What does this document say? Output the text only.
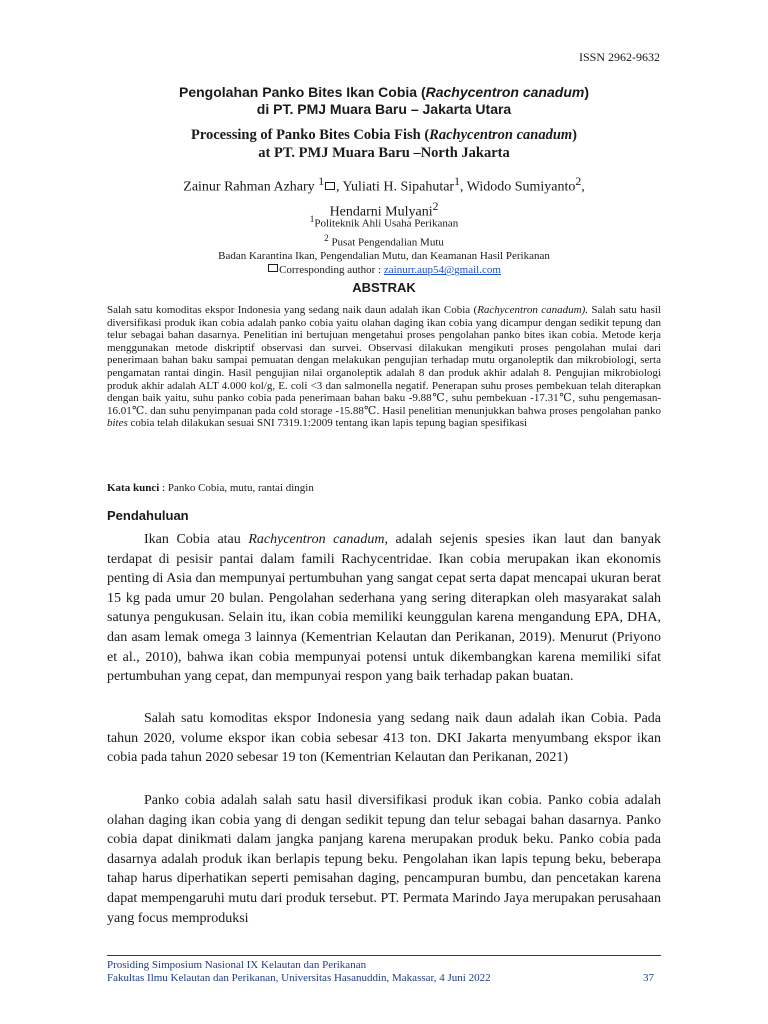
ISSN 2962-9632
Pengolahan Panko Bites Ikan Cobia (Rachycentron canadum)
di PT. PMJ Muara Baru – Jakarta Utara
Processing of Panko Bites Cobia Fish (Rachycentron canadum)
at PT. PMJ Muara Baru –North Jakarta
Zainur Rahman Azhary $^1$ , Yuliati H. Sipahutar$^1$, Widodo Sumiyanto$^2$,
Hendarni Mulyani$^2$
$^1$Politeknik Ahli Usaha Perikanan
$^2$ Pusat Pengendalian Mutu
Badan Karantina Ikan, Pengendalian Mutu, dan Keamanan Hasil Perikanan
Corresponding author : zainurr.aup54@gmail.com
ABSTRAK
Salah satu komoditas ekspor Indonesia yang sedang naik daun adalah ikan Cobia (Rachycentron canadum). Salah satu hasil diversifikasi produk ikan cobia adalah panko cobia yaitu olahan daging ikan cobia yang dicampur dengan sedikit tepung dan telur sebagai bahan dasarnya. Penelitian ini bertujuan mengetahui proses pengolahan panko bites ikan cobia. Metode kerja menggunakan metode diskriptif observasi dan survei. Observasi dilakukan mengikuti proses pengolahan mulai dari penerimaan bahan baku sampai pemuatan dengan melakukan pengujian terhadap mutu organoleptik dan mikrobiologi, serta pengamatan rantai dingin. Hasil pengujian nilai organoleptik adalah 8 dan produk akhir adalah 8. Pengujian mikrobiologi produk akhir adalah ALT 4.000 kol/g, E. coli <3 dan salmonella negatif. Penerapan suhu proses pembekuan telah diterapkan dengan baik yaitu, suhu panko cobia pada penerimaan bahan baku -9.88℃, suhu pembekuan -17.31℃, suhu pengemasan-16.01℃. dan suhu penyimpanan pada cold storage -15.88℃. Hasil penelitian menunjukkan bahwa proses pengolahan panko bites cobia telah dilakukan sesuai SNI 7319.1:2009 tentang ikan lapis tepung bagian spesifikasi
Kata kunci : Panko Cobia, mutu, rantai dingin
Pendahuluan

Ikan Cobia atau Rachycentron canadum, adalah sejenis spesies ikan laut dan banyak terdapat di pesisir pantai dalam famili Rachycentridae. Ikan cobia merupakan ikan ekonomis penting di Asia dan mempunyai pertumbuhan yang sangat cepat serta dapat mencapai ukuran berat 15 kg pada umur 20 bulan. Pengolahan sederhana yang sering diterapkan oleh masyarakat salah satunya pengukusan. Selain itu, ikan cobia memiliki keunggulan karena mengandung EPA, DHA, dan asam lemak omega 3 lainnya (Kementrian Kelautan dan Perikanan, 2019). Menurut (Priyono et al., 2010), bahwa ikan cobia mempunyai potensi untuk dikembangkan karena memiliki sifat pertumbuhan yang cepat, dan mempunyai respon yang baik terhadap pakan buatan.

Salah satu komoditas ekspor Indonesia yang sedang naik daun adalah ikan Cobia. Pada tahun 2020, volume ekspor ikan cobia sebesar 413 ton. DKI Jakarta menyumbang ekspor ikan cobia pada tahun 2020 sebesar 19 ton (Kementrian Kelautan dan Perikanan, 2021)

Panko cobia adalah salah satu hasil diversifikasi produk ikan cobia. Panko cobia adalah olahan daging ikan cobia yang di dengan sedikit tepung dan telur sebagai bahan dasarnya. Panko cobia dapat dinikmati dalam jangka panjang karena merupakan produk beku. Panko cobia pada dasarnya adalah produk ikan berlapis tepung beku. Pengolahan ikan lapis tepung beku, beberapa tahap harus diperhatikan seperti pemisahan daging, pencampuran bumbu, dan pencetakan karena dapat mempengaruhi mutu dari produk tersebut. PT. Permata Marindo Jaya merupakan perusahaan yang focus memproduksi

Prosiding Simposium Nasional IX Kelautan dan Perikanan
Fakultas Ilmu Kelautan dan Perikanan, Universitas Hasanuddin, Makassar, 4 Juni 2022	37
